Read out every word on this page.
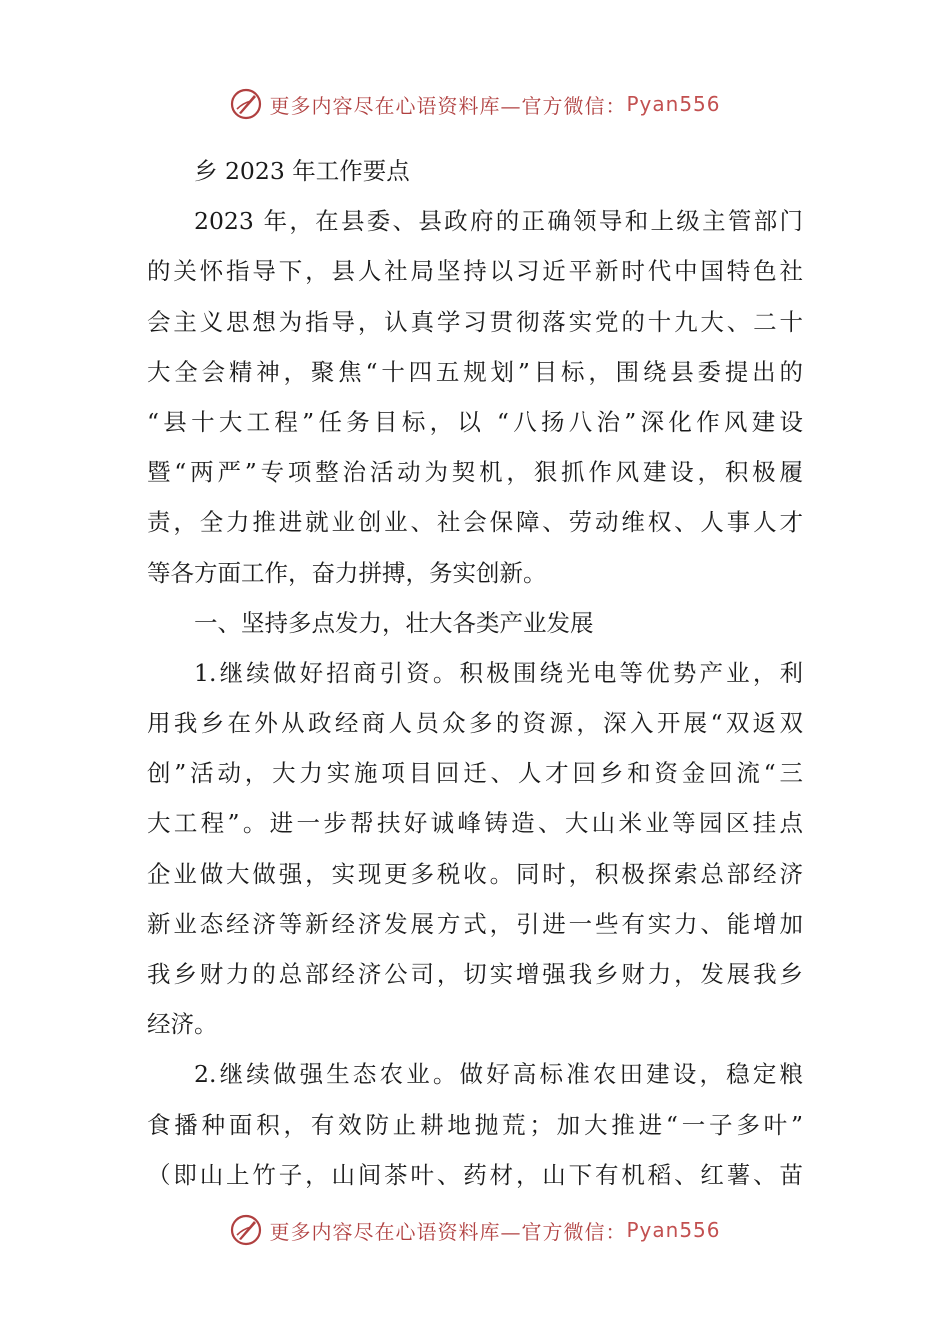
更多内容尽在心语资料库—官方微信： Pyan556
乡 2023 年工作要点
2023 年，在县委、县政府的正确领导和上级主管部门
的关怀指导下，县人社局坚持以习近平新时代中国特色社
会主义思想为指导，认真学习贯彻落实党的十九大、二十
大全会精神，聚焦“十四五规划”目标，围绕县委提出的
“县十大工程”任务目标，以 “八扬八治”深化作风建设
暨“两严”专项整治活动为契机，狠抓作风建设，积极履
责，全力推进就业创业、社会保障、劳动维权、人事人才
等各方面工作，奋力拼搏，务实创新。
一、坚持多点发力，壮大各类产业发展
1.继续做好招商引资。积极围绕光电等优势产业，利
用我乡在外从政经商人员众多的资源，深入开展“双返双
创”活动，大力实施项目回迁、人才回乡和资金回流“三
大工程”。进一步帮扶好诚峰铸造、大山米业等园区挂点
企业做大做强，实现更多税收。同时，积极探索总部经济
新业态经济等新经济发展方式，引进一些有实力、能增加
我乡财力的总部经济公司，切实增强我乡财力，发展我乡
经济。
2.继续做强生态农业。做好高标准农田建设，稳定粮
食播种面积，有效防止耕地抛荒；加大推进“一子多叶”
（即山上竹子，山间茶叶、药材，山下有机稻、红薯、苗
更多内容尽在心语资料库—官方微信： Pyan556
